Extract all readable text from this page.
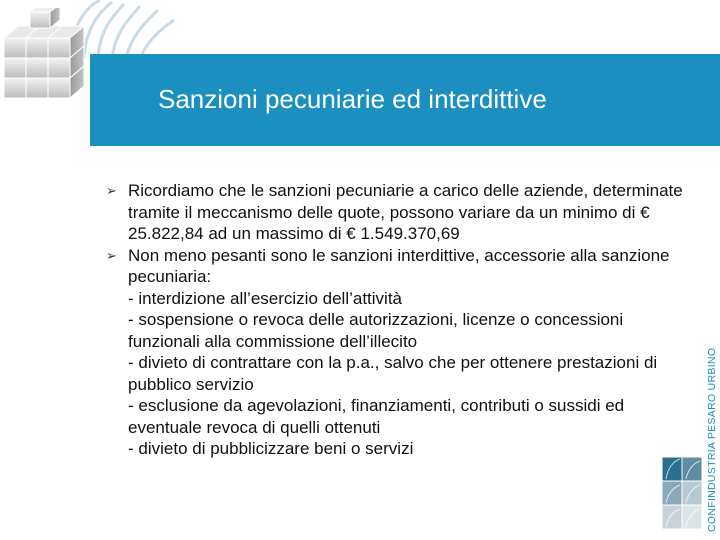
Sanzioni pecuniarie ed interdittive
➢ Ricordiamo che le sanzioni pecuniarie a carico delle aziende, determinate tramite il meccanismo delle quote, possono variare da un minimo di € 25.822,84 ad un massimo di € 1.549.370,69

➢ Non meno pesanti sono le sanzioni interdittive, accessorie alla sanzione pecuniaria:

- interdizione all’esercizio dell’attività

- sospensione o revoca delle autorizzazioni, licenze o concessioni funzionali alla commissione dell’illecito

- divieto di contrattare con la p.a., salvo che per ottenere prestazioni di pubblico servizio

- esclusione da agevolazioni, finanziamenti, contributi o sussidi ed eventuale revoca di quelli ottenuti

- divieto di pubblicizzare beni o servizi	CONFINDUSTRIA PESARO URBINO
